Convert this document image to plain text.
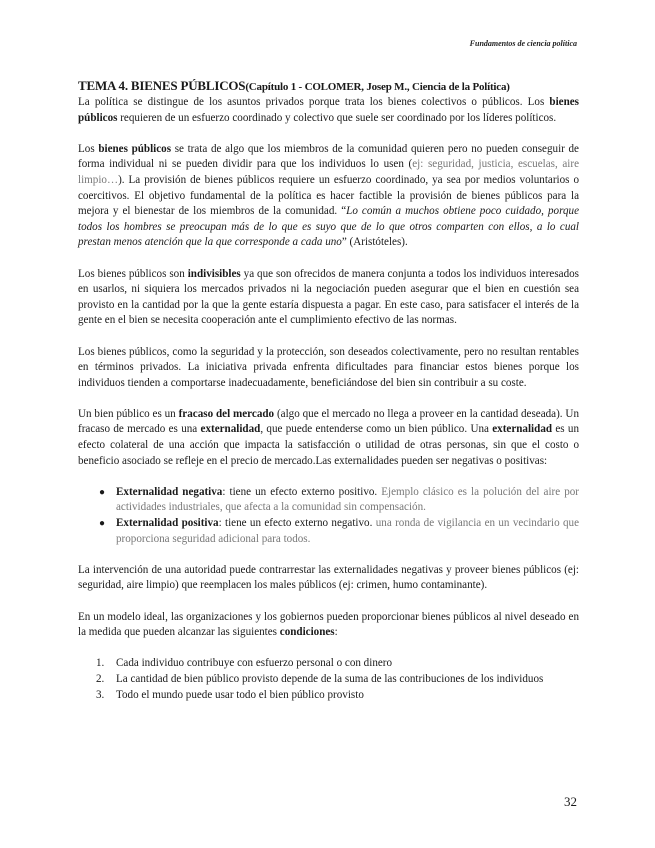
Fundamentos de ciencia política
TEMA 4. BIENES PÚBLICOS(Capítulo 1 - COLOMER, Josep M., Ciencia de la Política)

La política se distingue de los asuntos privados porque trata los bienes colectivos o públicos. Los bienes públicos requieren de un esfuerzo coordinado y colectivo que suele ser coordinado por los líderes políticos.

Los bienes públicos se trata de algo que los miembros de la comunidad quieren pero no pueden conseguir de forma individual ni se pueden dividir para que los individuos lo usen (ej: seguridad, justicia, escuelas, aire limpio…). La provisión de bienes públicos requiere un esfuerzo coordinado, ya sea por medios voluntarios o coercitivos. El objetivo fundamental de la política es hacer factible la provisión de bienes públicos para la mejora y el bienestar de los miembros de la comunidad. “Lo común a muchos obtiene poco cuidado, porque todos los hombres se preocupan más de lo que es suyo que de lo que otros comparten con ellos, a lo cual prestan menos atención que la que corresponde a cada uno” (Aristóteles).

Los bienes públicos son indivisibles ya que son ofrecidos de manera conjunta a todos los individuos interesados en usarlos, ni siquiera los mercados privados ni la negociación pueden asegurar que el bien en cuestión sea provisto en la cantidad por la que la gente estaría dispuesta a pagar. En este caso, para satisfacer el interés de la gente en el bien se necesita cooperación ante el cumplimiento efectivo de las normas.

Los bienes públicos, como la seguridad y la protección, son deseados colectivamente, pero no resultan rentables en términos privados. La iniciativa privada enfrenta dificultades para financiar estos bienes porque los individuos tienden a comportarse inadecuadamente, beneficiándose del bien sin contribuir a su coste.

Un bien público es un fracaso del mercado (algo que el mercado no llega a proveer en la cantidad deseada). Un fracaso de mercado es una externalidad, que puede entenderse como un bien público. Una externalidad es un efecto colateral de una acción que impacta la satisfacción o utilidad de otras personas, sin que el costo o beneficio asociado se refleje en el precio de mercado.Las externalidades pueden ser negativas o positivas:

● Externalidad negativa: tiene un efecto externo positivo. Ejemplo clásico es la polución del aire por actividades industriales, que afecta a la comunidad sin compensación.
● Externalidad positiva: tiene un efecto externo negativo. una ronda de vigilancia en un vecindario que proporciona seguridad adicional para todos.

La intervención de una autoridad puede contrarrestar las externalidades negativas y proveer bienes públicos (ej: seguridad, aire limpio) que reemplacen los males públicos (ej: crimen, humo contaminante).

En un modelo ideal, las organizaciones y los gobiernos pueden proporcionar bienes públicos al nivel deseado en la medida que pueden alcanzar las siguientes condiciones:

1. Cada individuo contribuye con esfuerzo personal o con dinero
2. La cantidad de bien público provisto depende de la suma de las contribuciones de los individuos
3. Todo el mundo puede usar todo el bien público provisto
32
